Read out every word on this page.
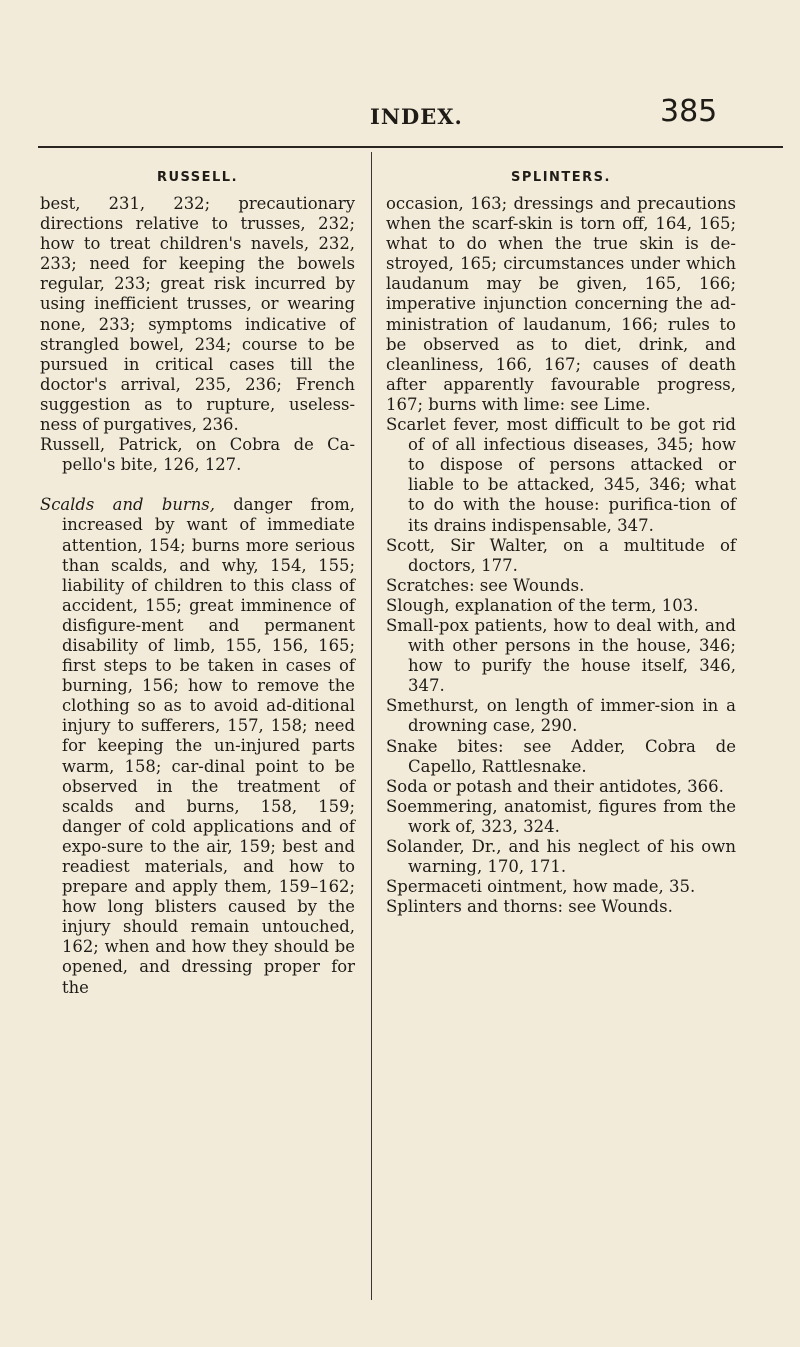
INDEX.	385
RUSSELL.

best, 231, 232; precautionary directions relative to trusses, 232; how to treat children's navels, 232, 233; need for keeping the bowels regular, 233; great risk incurred by using inefficient trusses, or wearing none, 233; symptoms indicative of strangled bowel, 234; course to be pursued in critical cases till the doctor's arrival, 235, 236; French suggestion as to rupture, useless-ness of purgatives, 236.

Russell, Patrick, on Cobra de Ca-pello's bite, 126, 127.

Scalds and burns, danger from, increased by want of immediate attention, 154; burns more serious than scalds, and why, 154, 155; liability of children to this class of accident, 155; great imminence of disfigure-ment and permanent disability of limb, 155, 156, 165; first steps to be taken in cases of burning, 156; how to remove the clothing so as to avoid ad-ditional injury to sufferers, 157, 158; need for keeping the un-injured parts warm, 158; car-dinal point to be observed in the treatment of scalds and burns, 158, 159; danger of cold applications and of expo-sure to the air, 159; best and readiest materials, and how to prepare and apply them, 159–162; how long blisters caused by the injury should remain untouched, 162; when and how they should be opened, and dressing proper for the

SPLINTERS.

occasion, 163; dressings and precautions when the scarf-skin is torn off, 164, 165; what to do when the true skin is de-stroyed, 165; circumstances under which laudanum may be given, 165, 166; imperative injunction concerning the ad-ministration of laudanum, 166; rules to be observed as to diet, drink, and cleanliness, 166, 167; causes of death after apparently favourable progress, 167; burns with lime: see Lime.

Scarlet fever, most difficult to be got rid of of all infectious diseases, 345; how to dispose of persons attacked or liable to be attacked, 345, 346; what to do with the house: purifica-tion of its drains indispensable, 347.

Scott, Sir Walter, on a multitude of doctors, 177.

Scratches: see Wounds.

Slough, explanation of the term, 103.

Small-pox patients, how to deal with, and with other persons in the house, 346; how to purify the house itself, 346, 347.

Smethurst, on length of immer-sion in a drowning case, 290.

Snake bites: see Adder, Cobra de Capello, Rattlesnake.

Soda or potash and their antidotes, 366.

Soemmering, anatomist, figures from the work of, 323, 324.

Solander, Dr., and his neglect of his own warning, 170, 171.

Spermaceti ointment, how made, 35.

Splinters and thorns: see Wounds.
